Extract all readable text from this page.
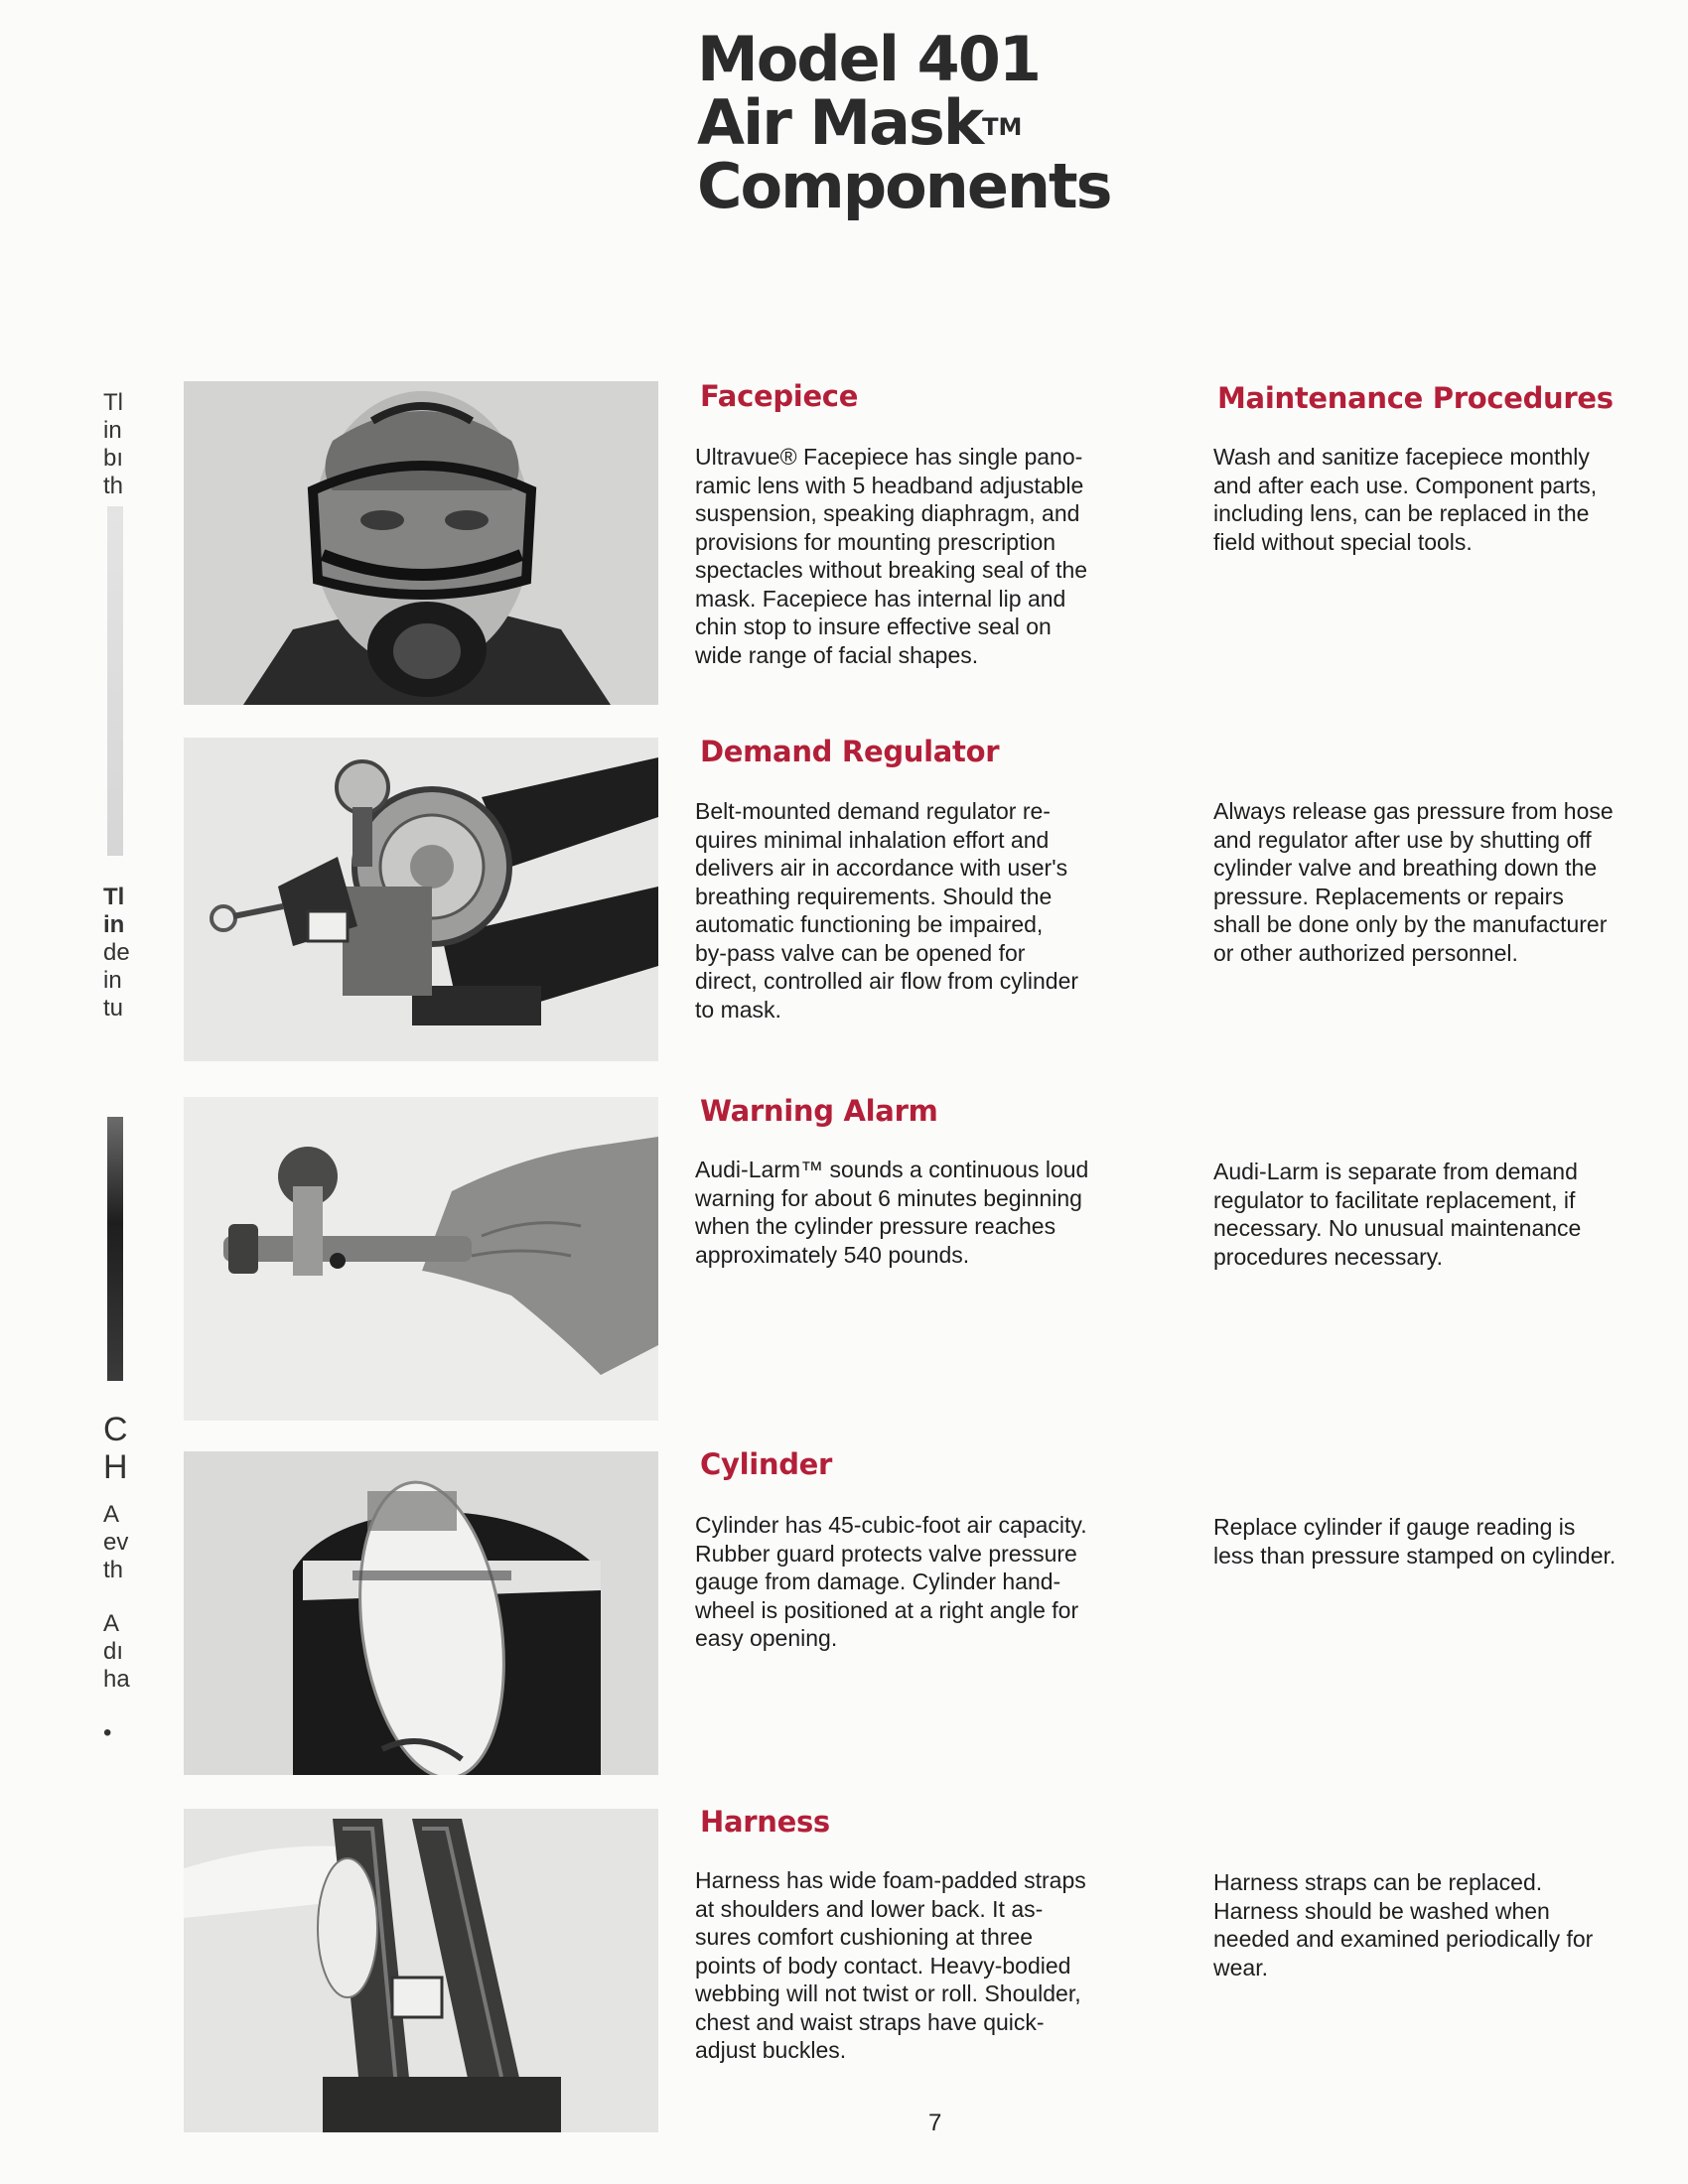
Model 401
Air Mask™
Components
Tl
in
bı
th
Tl
in
de
in
tu
C
H
A
ev
th
A
dı
ha
•
Facepiece	Maintenance Procedures

Ultravue® Facepiece has single pano-
ramic lens with 5 headband adjustable
suspension, speaking diaphragm, and
provisions for mounting prescription
spectacles without breaking seal of the
mask. Facepiece has internal lip and
chin stop to insure effective seal on
wide range of facial shapes.

Wash and sanitize facepiece monthly
and after each use. Component parts,
including lens, can be replaced in the
field without special tools.

Demand Regulator

Belt-mounted demand regulator re-
quires minimal inhalation effort and
delivers air in accordance with user's
breathing requirements. Should the
automatic functioning be impaired,
by-pass valve can be opened for
direct, controlled air flow from cylinder
to mask.

Always release gas pressure from hose
and regulator after use by shutting off
cylinder valve and breathing down the
pressure. Replacements or repairs
shall be done only by the manufacturer
or other authorized personnel.

Warning Alarm

Audi-Larm™ sounds a continuous loud
warning for about 6 minutes beginning
when the cylinder pressure reaches
approximately 540 pounds.

Audi-Larm is separate from demand
regulator to facilitate replacement, if
necessary. No unusual maintenance
procedures necessary.

Cylinder

Cylinder has 45-cubic-foot air capacity.
Rubber guard protects valve pressure
gauge from damage. Cylinder hand-
wheel is positioned at a right angle for
easy opening.

Replace cylinder if gauge reading is
less than pressure stamped on cylinder.

Harness

Harness has wide foam-padded straps
at shoulders and lower back. It as-
sures comfort cushioning at three
points of body contact. Heavy-bodied
webbing will not twist or roll. Shoulder,
chest and waist straps have quick-
adjust buckles.

Harness straps can be replaced.
Harness should be washed when
needed and examined periodically for
wear.

7
